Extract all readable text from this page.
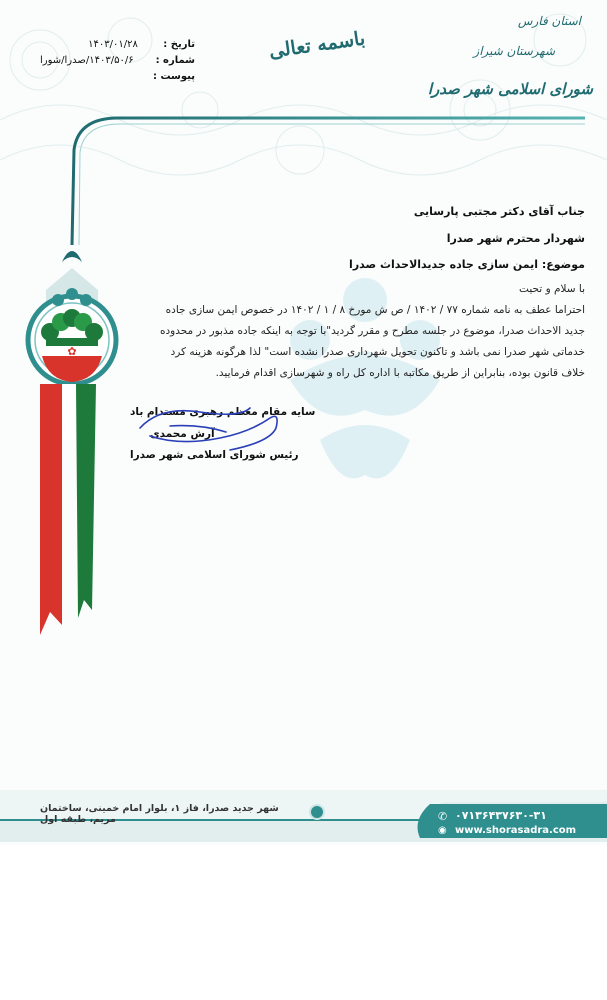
تاریخ :
۱۴۰۳/۰۱/۲۸
شماره :
۱۴۰۳/۵۰/۶/صدرا/شورا
پیوست :
باسمه تعالی
استان فارس
شهرستان شیراز
شورای اسلامی شهر صدرا
✿
جناب آقای دکتر مجتبی پارسایی
شهردار محترم شهر صدرا
موضوع: ایمن سازی جاده جدیدالاحداث صدرا
با سلام و تحیت
احتراما عطف به نامه شماره ۷۷ / ۱۴۰۲ / ص ش مورخ ۸ / ۱ / ۱۴۰۲ در خصوص ایمن سازی جاده
جدید الاحداث صدرا، موضوع در جلسه مطرح و مقرر گردید"با توجه به اینکه جاده مذبور در محدوده
خدماتی شهر صدرا نمی باشد و تاکنون تحویل شهرداری صدرا نشده است" لذا هرگونه هزینه کرد
خلاف قانون بوده، بنابراین از طریق مکاتبه با اداره کل راه و شهرسازی اقدام فرمایید.
سایه مقام معظم رهبری مستدام باد
آرش محمدی
رئیس شورای اسلامی شهر صدرا
شهر جدید صدرا، فاز ۱، بلوار امام خمینی، ساختمان مریم، طبقه اول	✆ ۰۷۱۳۶۴۳۷۶۳۰-۳۱
◉ www.shorasadra.com
